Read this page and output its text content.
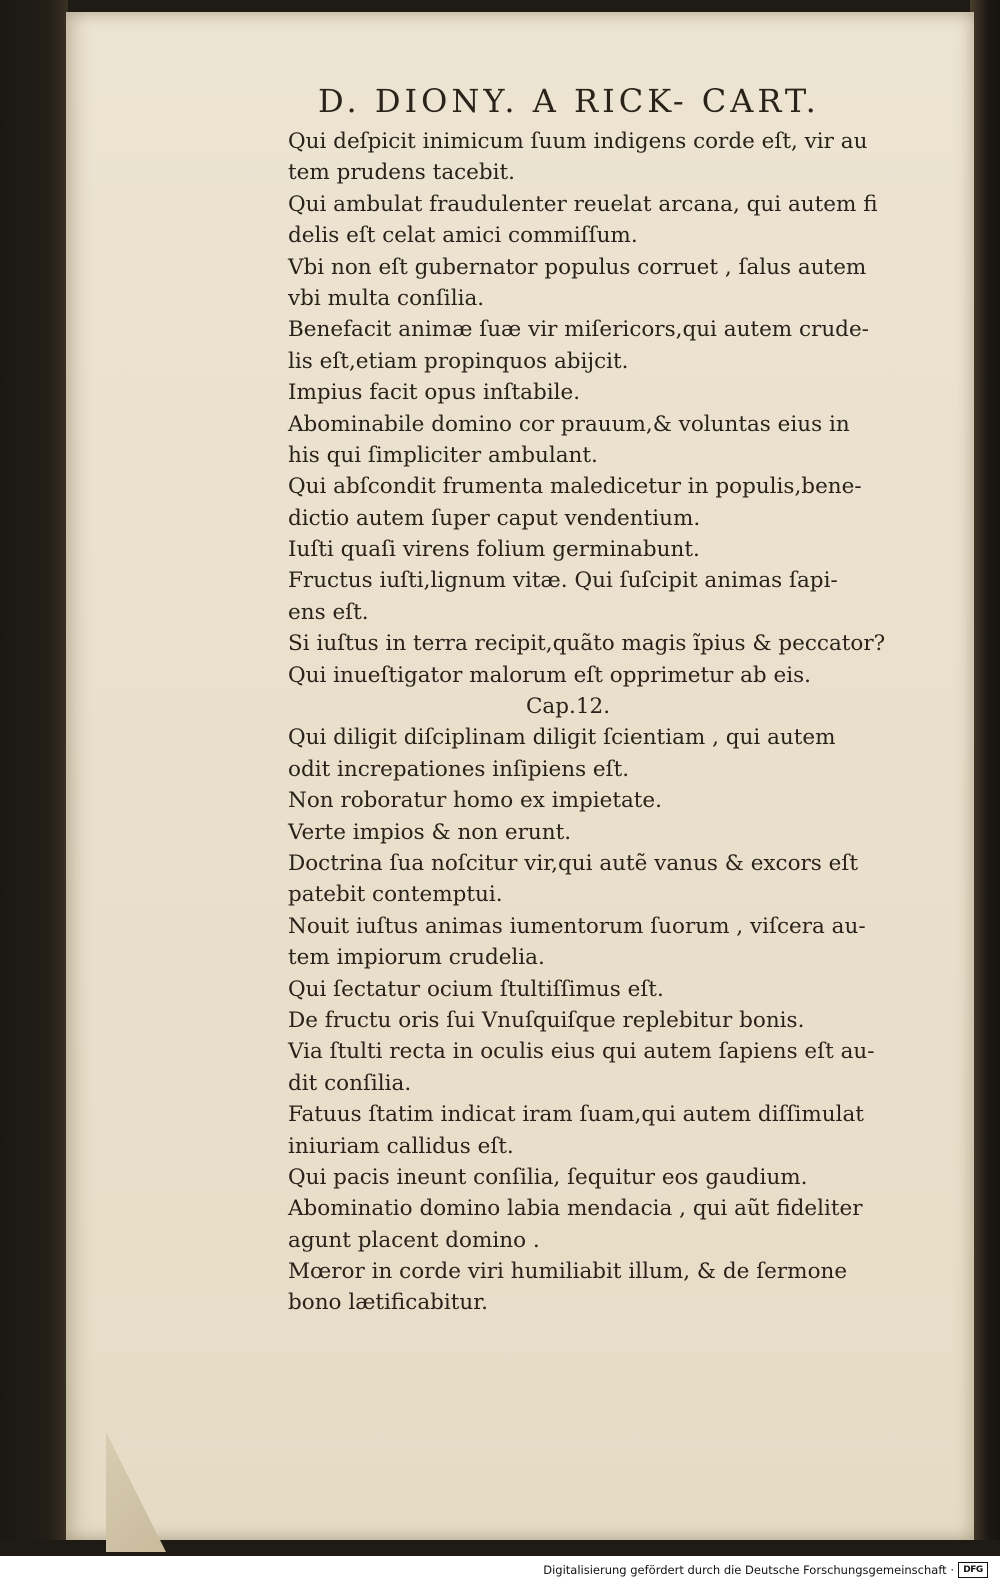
D. DIONY. A RICK- CART.
Qui deſpicit inimicum ſuum indigens corde eſt, vir au
tem prudens tacebit.
Qui ambulat fraudulenter reuelat arcana, qui autem fi
delis eſt celat amici commiſſum.
Vbi non eſt gubernator populus corruet , ſalus autem
vbi multa conſilia.
Benefacit animæ ſuæ vir miſericors,qui autem crude-
lis eſt,etiam propinquos abijcit.
Impius facit opus inſtabile.
Abominabile domino cor prauum,& voluntas eius in
his qui ſimpliciter ambulant.
Qui abſcondit frumenta maledicetur in populis,bene-
dictio autem ſuper caput vendentium.
Iuſti quaſi virens folium germinabunt.
Fructus iuſti,lignum vitæ. Qui ſuſcipit animas ſapi-
ens eſt.
Si iuſtus in terra recipit,quãto magis ĩpius & peccator?
Qui inueſtigator malorum eſt opprimetur ab eis.
Cap.12.
Qui diligit diſciplinam diligit ſcientiam , qui autem
odit increpationes inſipiens eſt.
Non roboratur homo ex impietate.
Verte impios & non erunt.
Doctrina ſua noſcitur vir,qui autẽ vanus & excors eſt
patebit contemptui.
Nouit iuſtus animas iumentorum ſuorum , viſcera au-
tem impiorum crudelia.
Qui ſectatur ocium ſtultiſſimus eſt.
De fructu oris ſui Vnuſquiſque replebitur bonis.
Via ſtulti recta in oculis eius qui autem ſapiens eſt au-
dit conſilia.
Fatuus ſtatim indicat iram ſuam,qui autem diſſimulat
iniuriam callidus eſt.
Qui pacis ineunt conſilia, ſequitur eos gaudium.
Abominatio domino labia mendacia , qui aũt fideliter
agunt placent domino .
Mœror in corde viri humiliabit illum, & de ſermone
bono lætificabitur.
Digitalisierung gefördert durch die Deutsche Forschungsgemeinschaft ·	DFG
